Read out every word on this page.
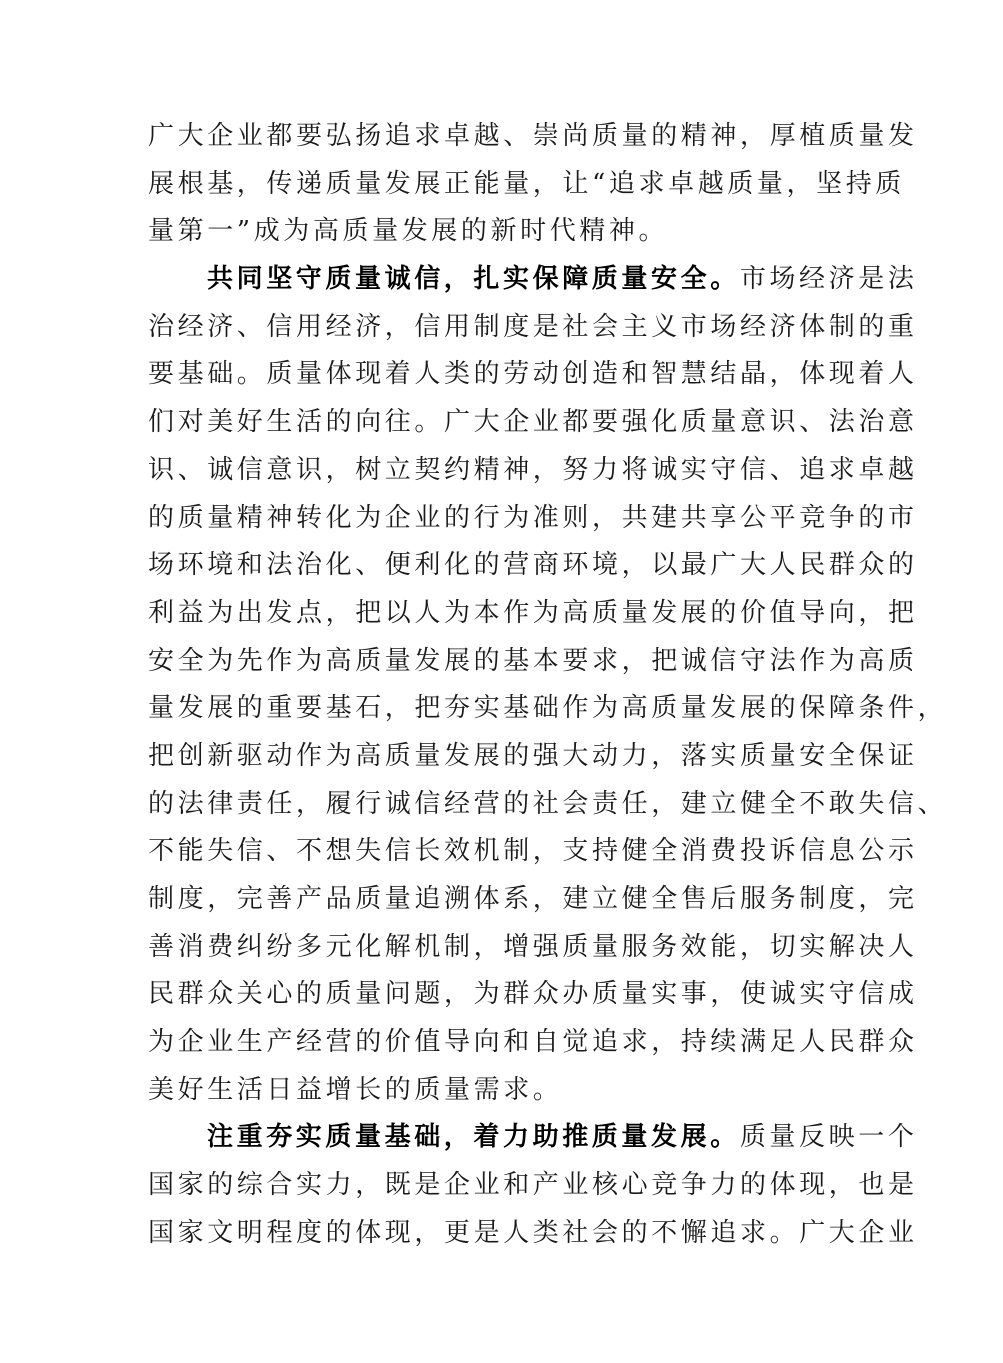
广大企业都要弘扬追求卓越、崇尚质量的精神，厚植质量发
展根基，传递质量发展正能量，让“追求卓越质量，坚持质
量第一”成为高质量发展的新时代精神。
共同坚守质量诚信，扎实保障质量安全。市场经济是法
治经济、信用经济，信用制度是社会主义市场经济体制的重
要基础。质量体现着人类的劳动创造和智慧结晶，体现着人
们对美好生活的向往。广大企业都要强化质量意识、法治意
识、诚信意识，树立契约精神，努力将诚实守信、追求卓越
的质量精神转化为企业的行为准则，共建共享公平竞争的市
场环境和法治化、便利化的营商环境，以最广大人民群众的
利益为出发点，把以人为本作为高质量发展的价值导向，把
安全为先作为高质量发展的基本要求，把诚信守法作为高质
量发展的重要基石，把夯实基础作为高质量发展的保障条件，
把创新驱动作为高质量发展的强大动力，落实质量安全保证
的法律责任，履行诚信经营的社会责任，建立健全不敢失信、
不能失信、不想失信长效机制，支持健全消费投诉信息公示
制度，完善产品质量追溯体系，建立健全售后服务制度，完
善消费纠纷多元化解机制，增强质量服务效能，切实解决人
民群众关心的质量问题，为群众办质量实事，使诚实守信成
为企业生产经营的价值导向和自觉追求，持续满足人民群众
美好生活日益增长的质量需求。
注重夯实质量基础，着力助推质量发展。质量反映一个
国家的综合实力，既是企业和产业核心竞争力的体现，也是
国家文明程度的体现，更是人类社会的不懈追求。广大企业
